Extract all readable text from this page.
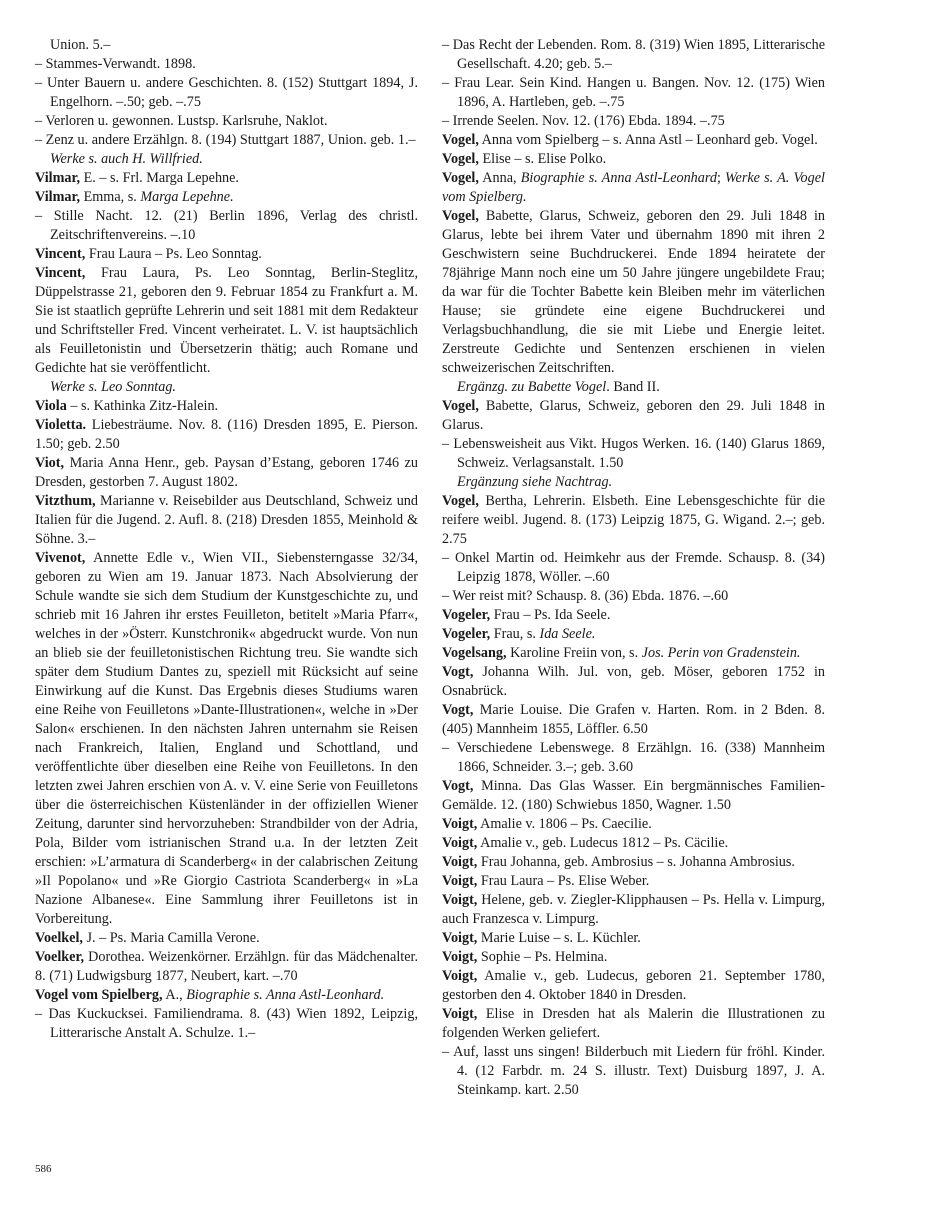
Union. 5.–

– Stammes-Verwandt. 1898.

– Unter Bauern u. andere Geschichten. 8. (152) Stuttgart 1894, J. Engelhorn. –.50; geb. –.75

– Verloren u. gewonnen. Lustsp. Karlsruhe, Naklot.

– Zenz u. andere Erzählgn. 8. (194) Stuttgart 1887, Union. geb. 1.–

Werke s. auch H. Willfried.

Vilmar, E. – s. Frl. Marga Lepehne.

Vilmar, Emma, s. Marga Lepehne.

– Stille Nacht. 12. (21) Berlin 1896, Verlag des christl. Zeitschriftenvereins. –.10

Vincent, Frau Laura – Ps. Leo Sonntag.

Vincent, Frau Laura, Ps. Leo Sonntag, Berlin-Steglitz, Düppelstrasse 21, geboren den 9. Februar 1854 zu Frankfurt a. M. Sie ist staatlich geprüfte Lehrerin und seit 1881 mit dem Redakteur und Schriftsteller Fred. Vincent verheiratet. L. V. ist hauptsächlich als Feuilletonistin und Übersetzerin thätig; auch Romane und Gedichte hat sie veröffentlicht.

Werke s. Leo Sonntag.

Viola – s. Kathinka Zitz-Halein.

Violetta. Liebesträume. Nov. 8. (116) Dresden 1895, E. Pierson. 1.50; geb. 2.50

Viot, Maria Anna Henr., geb. Paysan d’Estang, geboren 1746 zu Dresden, gestorben 7. August 1802.

Vitzthum, Marianne v. Reisebilder aus Deutschland, Schweiz und Italien für die Jugend. 2. Aufl. 8. (218) Dresden 1855, Meinhold & Söhne. 3.–

Vivenot, Annette Edle v., Wien VII., Siebensterngasse 32/34, geboren zu Wien am 19. Januar 1873. Nach Absolvierung der Schule wandte sie sich dem Studium der Kunstgeschichte zu, und schrieb mit 16 Jahren ihr erstes Feuilleton, betitelt »Maria Pfarr«, welches in der »Österr. Kunstchronik« abgedruckt wurde. Von nun an blieb sie der feuilletonistischen Richtung treu. Sie wandte sich später dem Studium Dantes zu, speziell mit Rücksicht auf seine Einwirkung auf die Kunst. Das Ergebnis dieses Studiums waren eine Reihe von Feuilletons »Dante-Illustrationen«, welche in »Der Salon« erschienen. In den nächsten Jahren unternahm sie Reisen nach Frankreich, Italien, England und Schottland, und veröffentlichte über dieselben eine Reihe von Feuilletons. In den letzten zwei Jahren erschien von A. v. V. eine Serie von Feuilletons über die österreichischen Küstenländer in der offiziellen Wiener Zeitung, darunter sind hervorzuheben: Strandbilder von der Adria, Pola, Bilder vom istrianischen Strand u.a. In der letzten Zeit erschien: »L’armatura di Scanderberg« in der calabrischen Zeitung »Il Popolano« und »Re Giorgio Castriota Scanderberg« in »La Nazione Albanese«. Eine Sammlung ihrer Feuilletons ist in Vorbereitung.

Voelkel, J. – Ps. Maria Camilla Verone.

Voelker, Dorothea. Weizenkörner. Erzählgn. für das Mädchenalter. 8. (71) Ludwigsburg 1877, Neubert, kart. –.70

Vogel vom Spielberg, A., Biographie s. Anna Astl-Leonhard.

– Das Kuckucksei. Familiendrama. 8. (43) Wien 1892, Leipzig, Litterarische Anstalt A. Schulze. 1.–

– Das Recht der Lebenden. Rom. 8. (319) Wien 1895, Litterarische Gesellschaft. 4.20; geb. 5.–

– Frau Lear. Sein Kind. Hangen u. Bangen. Nov. 12. (175) Wien 1896, A. Hartleben, geb. –.75

– Irrende Seelen. Nov. 12. (176) Ebda. 1894. –.75

Vogel, Anna vom Spielberg – s. Anna Astl – Leonhard geb. Vogel.

Vogel, Elise – s. Elise Polko.

Vogel, Anna, Biographie s. Anna Astl-Leonhard; Werke s. A. Vogel vom Spielberg.

Vogel, Babette, Glarus, Schweiz, geboren den 29. Juli 1848 in Glarus, lebte bei ihrem Vater und übernahm 1890 mit ihren 2 Geschwistern seine Buchdruckerei. Ende 1894 heiratete der 78jährige Mann noch eine um 50 Jahre jüngere ungebildete Frau; da war für die Tochter Babette kein Bleiben mehr im väterlichen Hause; sie gründete eine eigene Buchdruckerei und Verlagsbuchhandlung, die sie mit Liebe und Energie leitet. Zerstreute Gedichte und Sentenzen erschienen in vielen schweizerischen Zeitschriften.

Ergänzg. zu Babette Vogel. Band II.

Vogel, Babette, Glarus, Schweiz, geboren den 29. Juli 1848 in Glarus.

– Lebensweisheit aus Vikt. Hugos Werken. 16. (140) Glarus 1869, Schweiz. Verlagsanstalt. 1.50

Ergänzung siehe Nachtrag.

Vogel, Bertha, Lehrerin. Elsbeth. Eine Lebensgeschichte für die reifere weibl. Jugend. 8. (173) Leipzig 1875, G. Wigand. 2.–; geb. 2.75

– Onkel Martin od. Heimkehr aus der Fremde. Schausp. 8. (34) Leipzig 1878, Wöller. –.60

– Wer reist mit? Schausp. 8. (36) Ebda. 1876. –.60

Vogeler, Frau – Ps. Ida Seele.

Vogeler, Frau, s. Ida Seele.

Vogelsang, Karoline Freiin von, s. Jos. Perin von Gradenstein.

Vogt, Johanna Wilh. Jul. von, geb. Möser, geboren 1752 in Osnabrück.

Vogt, Marie Louise. Die Grafen v. Harten. Rom. in 2 Bden. 8. (405) Mannheim 1855, Löffler. 6.50

– Verschiedene Lebenswege. 8 Erzählgn. 16. (338) Mannheim 1866, Schneider. 3.–; geb. 3.60

Vogt, Minna. Das Glas Wasser. Ein bergmännisches Familien-Gemälde. 12. (180) Schwiebus 1850, Wagner. 1.50

Voigt, Amalie v. 1806 – Ps. Caecilie.

Voigt, Amalie v., geb. Ludecus 1812 – Ps. Cäcilie.

Voigt, Frau Johanna, geb. Ambrosius – s. Johanna Ambrosius.

Voigt, Frau Laura – Ps. Elise Weber.

Voigt, Helene, geb. v. Ziegler-Klipphausen – Ps. Hella v. Limpurg, auch Franzesca v. Limpurg.

Voigt, Marie Luise – s. L. Küchler.

Voigt, Sophie – Ps. Helmina.

Voigt, Amalie v., geb. Ludecus, geboren 21. September 1780, gestorben den 4. Oktober 1840 in Dresden.

Voigt, Elise in Dresden hat als Malerin die Illustrationen zu folgenden Werken geliefert.

– Auf, lasst uns singen! Bilderbuch mit Liedern für fröhl. Kinder. 4. (12 Farbdr. m. 24 S. illustr. Text) Duisburg 1897, J. A. Steinkamp. kart. 2.50

586
